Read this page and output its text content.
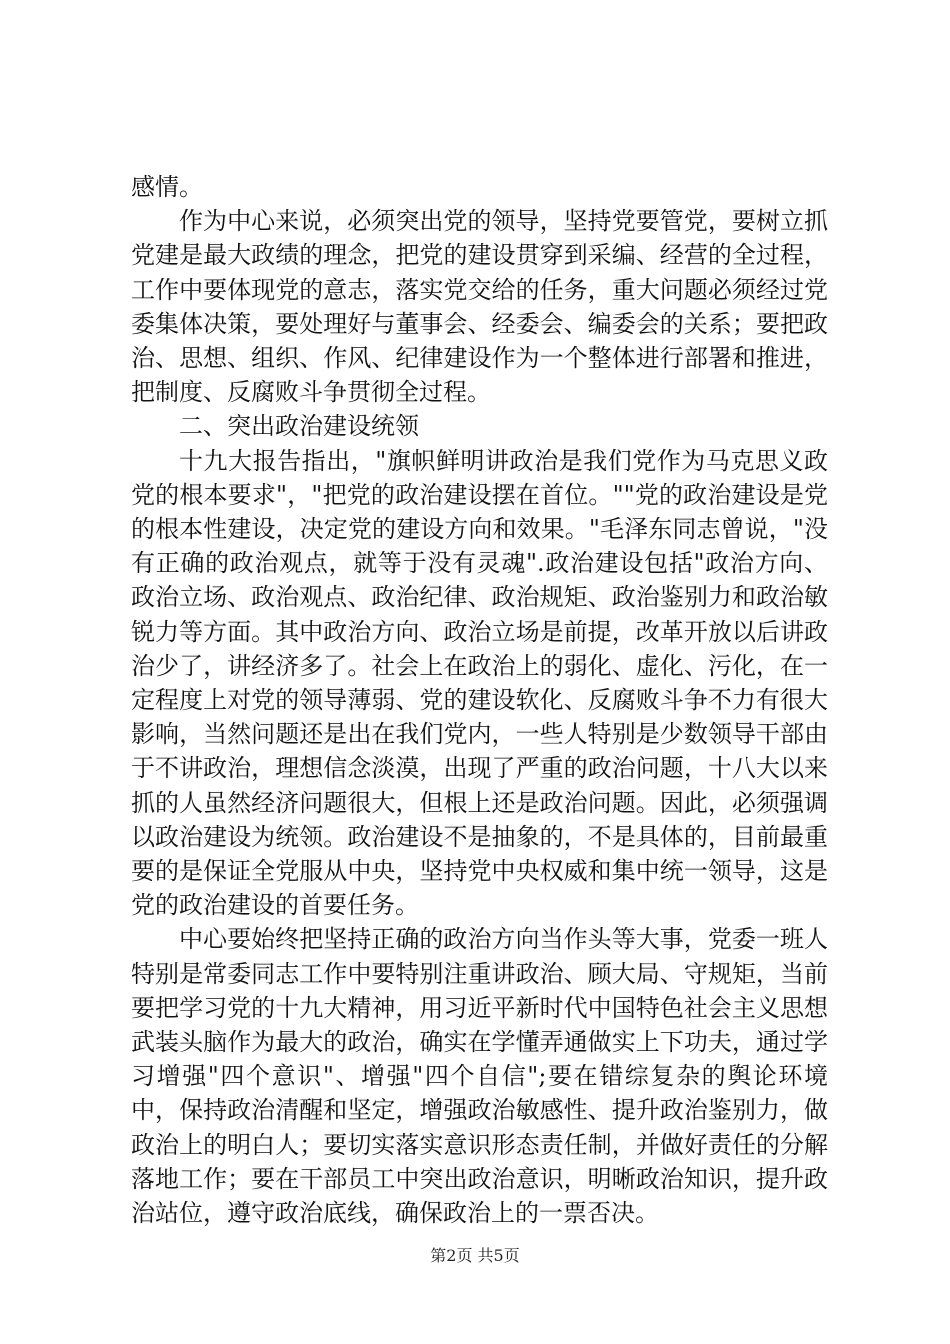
感情。

作为中心来说，必须突出党的领导，坚持党要管党，要树立抓党建是最大政绩的理念，把党的建设贯穿到采编、经营的全过程，工作中要体现党的意志，落实党交给的任务，重大问题必须经过党委集体决策，要处理好与董事会、经委会、编委会的关系；要把政治、思想、组织、作风、纪律建设作为一个整体进行部署和推进，把制度、反腐败斗争贯彻全过程。

二、突出政治建设统领

十九大报告指出，"旗帜鲜明讲政治是我们党作为马克思义政党的根本要求"，"把党的政治建设摆在首位。""党的政治建设是党的根本性建设，决定党的建设方向和效果。"毛泽东同志曾说，"没有正确的政治观点，就等于没有灵魂".政治建设包括"政治方向、政治立场、政治观点、政治纪律、政治规矩、政治鉴别力和政治敏锐力等方面。其中政治方向、政治立场是前提，改革开放以后讲政治少了，讲经济多了。社会上在政治上的弱化、虚化、污化，在一定程度上对党的领导薄弱、党的建设软化、反腐败斗争不力有很大影响，当然问题还是出在我们党内，一些人特别是少数领导干部由于不讲政治，理想信念淡漠，出现了严重的政治问题，十八大以来抓的人虽然经济问题很大，但根上还是政治问题。因此，必须强调以政治建设为统领。政治建设不是抽象的，不是具体的，目前最重要的是保证全党服从中央，坚持党中央权威和集中统一领导，这是党的政治建设的首要任务。

中心要始终把坚持正确的政治方向当作头等大事，党委一班人特别是常委同志工作中要特别注重讲政治、顾大局、守规矩，当前要把学习党的十九大精神，用习近平新时代中国特色社会主义思想武装头脑作为最大的政治，确实在学懂弄通做实上下功夫，通过学习增强"四个意识"、增强"四个自信";要在错综复杂的舆论环境中，保持政治清醒和坚定，增强政治敏感性、提升政治鉴别力，做政治上的明白人；要切实落实意识形态责任制，并做好责任的分解落地工作；要在干部员工中突出政治意识，明晰政治知识，提升政治站位，遵守政治底线，确保政治上的一票否决。

第2页 共5页
